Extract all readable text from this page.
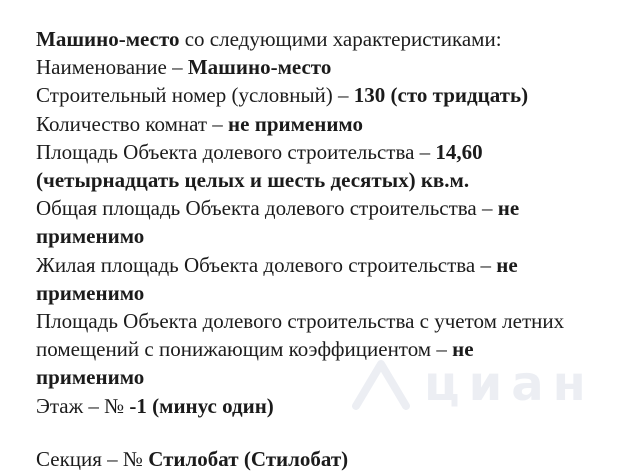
циан
Машино-место со следующими характеристиками:
Наименование – Машино-место
Строительный номер (условный) – 130 (сто тридцать)
Количество комнат – не применимо
Площадь Объекта долевого строительства – 14,60
(четырнадцать целых и шесть десятых) кв.м.
Общая площадь Объекта долевого строительства – не
применимо
Жилая площадь Объекта долевого строительства – не
применимо
Площадь Объекта долевого строительства с учетом летних
помещений с понижающим коэффициентом – не
применимо
Этаж – № -1 (минус один)
Секция – № Стилобат (Стилобат)
